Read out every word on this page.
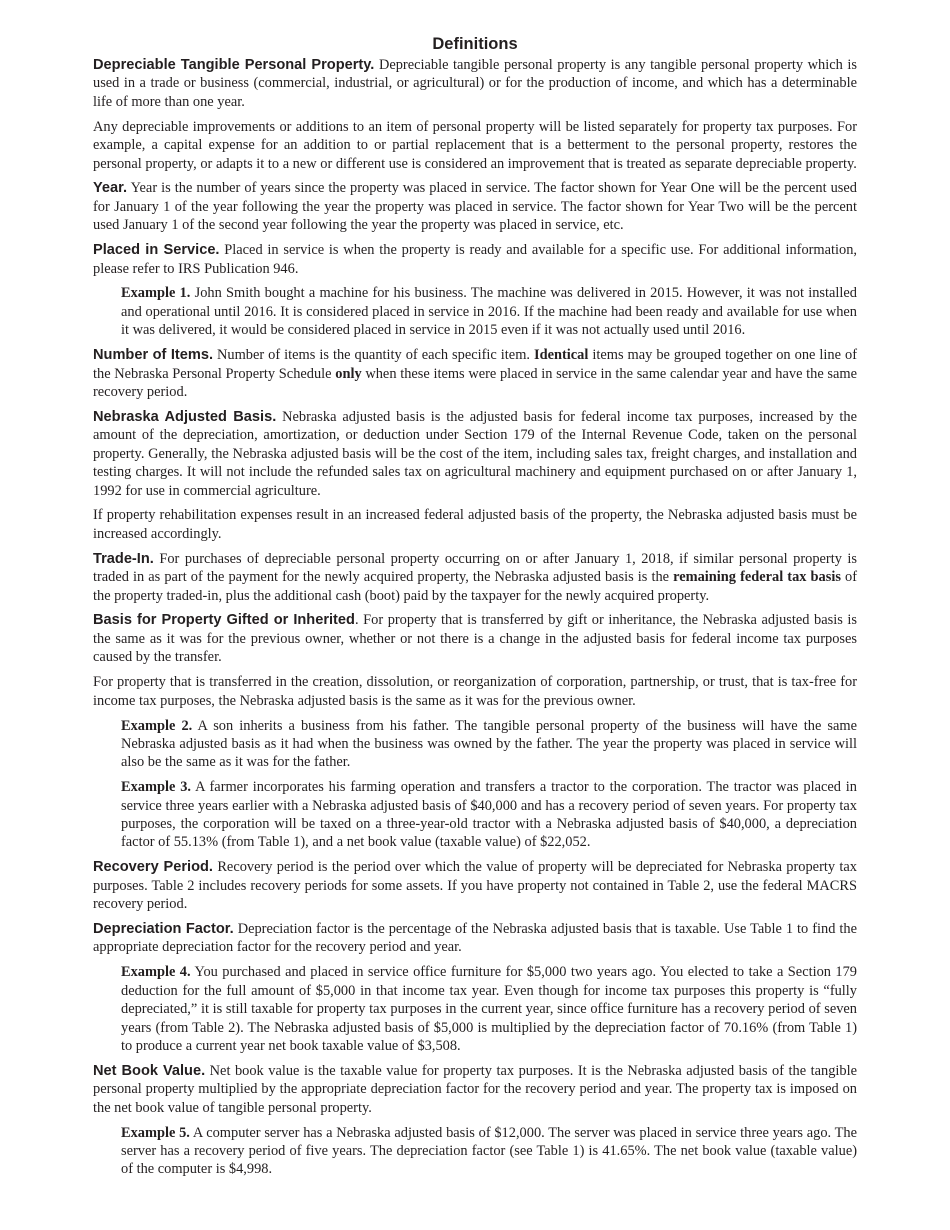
Definitions

Depreciable Tangible Personal Property. Depreciable tangible personal property is any tangible personal property which is used in a trade or business (commercial, industrial, or agricultural) or for the production of income, and which has a determinable life of more than one year.

Any depreciable improvements or additions to an item of personal property will be listed separately for property tax purposes. For example, a capital expense for an addition to or partial replacement that is a betterment to the personal property, restores the personal property, or adapts it to a new or different use is considered an improvement that is treated as separate depreciable property.

Year. Year is the number of years since the property was placed in service. The factor shown for Year One will be the percent used for January 1 of the year following the year the property was placed in service. The factor shown for Year Two will be the percent used January 1 of the second year following the year the property was placed in service, etc.

Placed in Service. Placed in service is when the property is ready and available for a specific use. For additional information, please refer to IRS Publication 946.

Example 1. John Smith bought a machine for his business. The machine was delivered in 2015. However, it was not installed and operational until 2016. It is considered placed in service in 2016. If the machine had been ready and available for use when it was delivered, it would be considered placed in service in 2015 even if it was not actually used until 2016.

Number of Items. Number of items is the quantity of each specific item. Identical items may be grouped together on one line of the Nebraska Personal Property Schedule only when these items were placed in service in the same calendar year and have the same recovery period.

Nebraska Adjusted Basis. Nebraska adjusted basis is the adjusted basis for federal income tax purposes, increased by the amount of the depreciation, amortization, or deduction under Section 179 of the Internal Revenue Code, taken on the personal property. Generally, the Nebraska adjusted basis will be the cost of the item, including sales tax, freight charges, and installation and testing charges. It will not include the refunded sales tax on agricultural machinery and equipment purchased on or after January 1, 1992 for use in commercial agriculture.

If property rehabilitation expenses result in an increased federal adjusted basis of the property, the Nebraska adjusted basis must be increased accordingly.

Trade-In. For purchases of depreciable personal property occurring on or after January 1, 2018, if similar personal property is traded in as part of the payment for the newly acquired property, the Nebraska adjusted basis is the remaining federal tax basis of the property traded-in, plus the additional cash (boot) paid by the taxpayer for the newly acquired property.

Basis for Property Gifted or Inherited. For property that is transferred by gift or inheritance, the Nebraska adjusted basis is the same as it was for the previous owner, whether or not there is a change in the adjusted basis for federal income tax purposes caused by the transfer.

For property that is transferred in the creation, dissolution, or reorganization of corporation, partnership, or trust, that is tax-free for income tax purposes, the Nebraska adjusted basis is the same as it was for the previous owner.

Example 2. A son inherits a business from his father. The tangible personal property of the business will have the same Nebraska adjusted basis as it had when the business was owned by the father. The year the property was placed in service will also be the same as it was for the father.

Example 3. A farmer incorporates his farming operation and transfers a tractor to the corporation. The tractor was placed in service three years earlier with a Nebraska adjusted basis of $40,000 and has a recovery period of seven years. For property tax purposes, the corporation will be taxed on a three-year-old tractor with a Nebraska adjusted basis of $40,000, a depreciation factor of 55.13% (from Table 1), and a net book value (taxable value) of $22,052.

Recovery Period. Recovery period is the period over which the value of property will be depreciated for Nebraska property tax purposes. Table 2 includes recovery periods for some assets. If you have property not contained in Table 2, use the federal MACRS recovery period.

Depreciation Factor. Depreciation factor is the percentage of the Nebraska adjusted basis that is taxable. Use Table 1 to find the appropriate depreciation factor for the recovery period and year.

Example 4. You purchased and placed in service office furniture for $5,000 two years ago. You elected to take a Section 179 deduction for the full amount of $5,000 in that income tax year. Even though for income tax purposes this property is “fully depreciated,” it is still taxable for property tax purposes in the current year, since office furniture has a recovery period of seven years (from Table 2). The Nebraska adjusted basis of $5,000 is multiplied by the depreciation factor of 70.16% (from Table 1) to produce a current year net book taxable value of $3,508.

Net Book Value. Net book value is the taxable value for property tax purposes. It is the Nebraska adjusted basis of the tangible personal property multiplied by the appropriate depreciation factor for the recovery period and year. The property tax is imposed on the net book value of tangible personal property.

Example 5. A computer server has a Nebraska adjusted basis of $12,000. The server was placed in service three years ago. The server has a recovery period of five years. The depreciation factor (see Table 1) is 41.65%. The net book value (taxable value) of the computer is $4,998.
